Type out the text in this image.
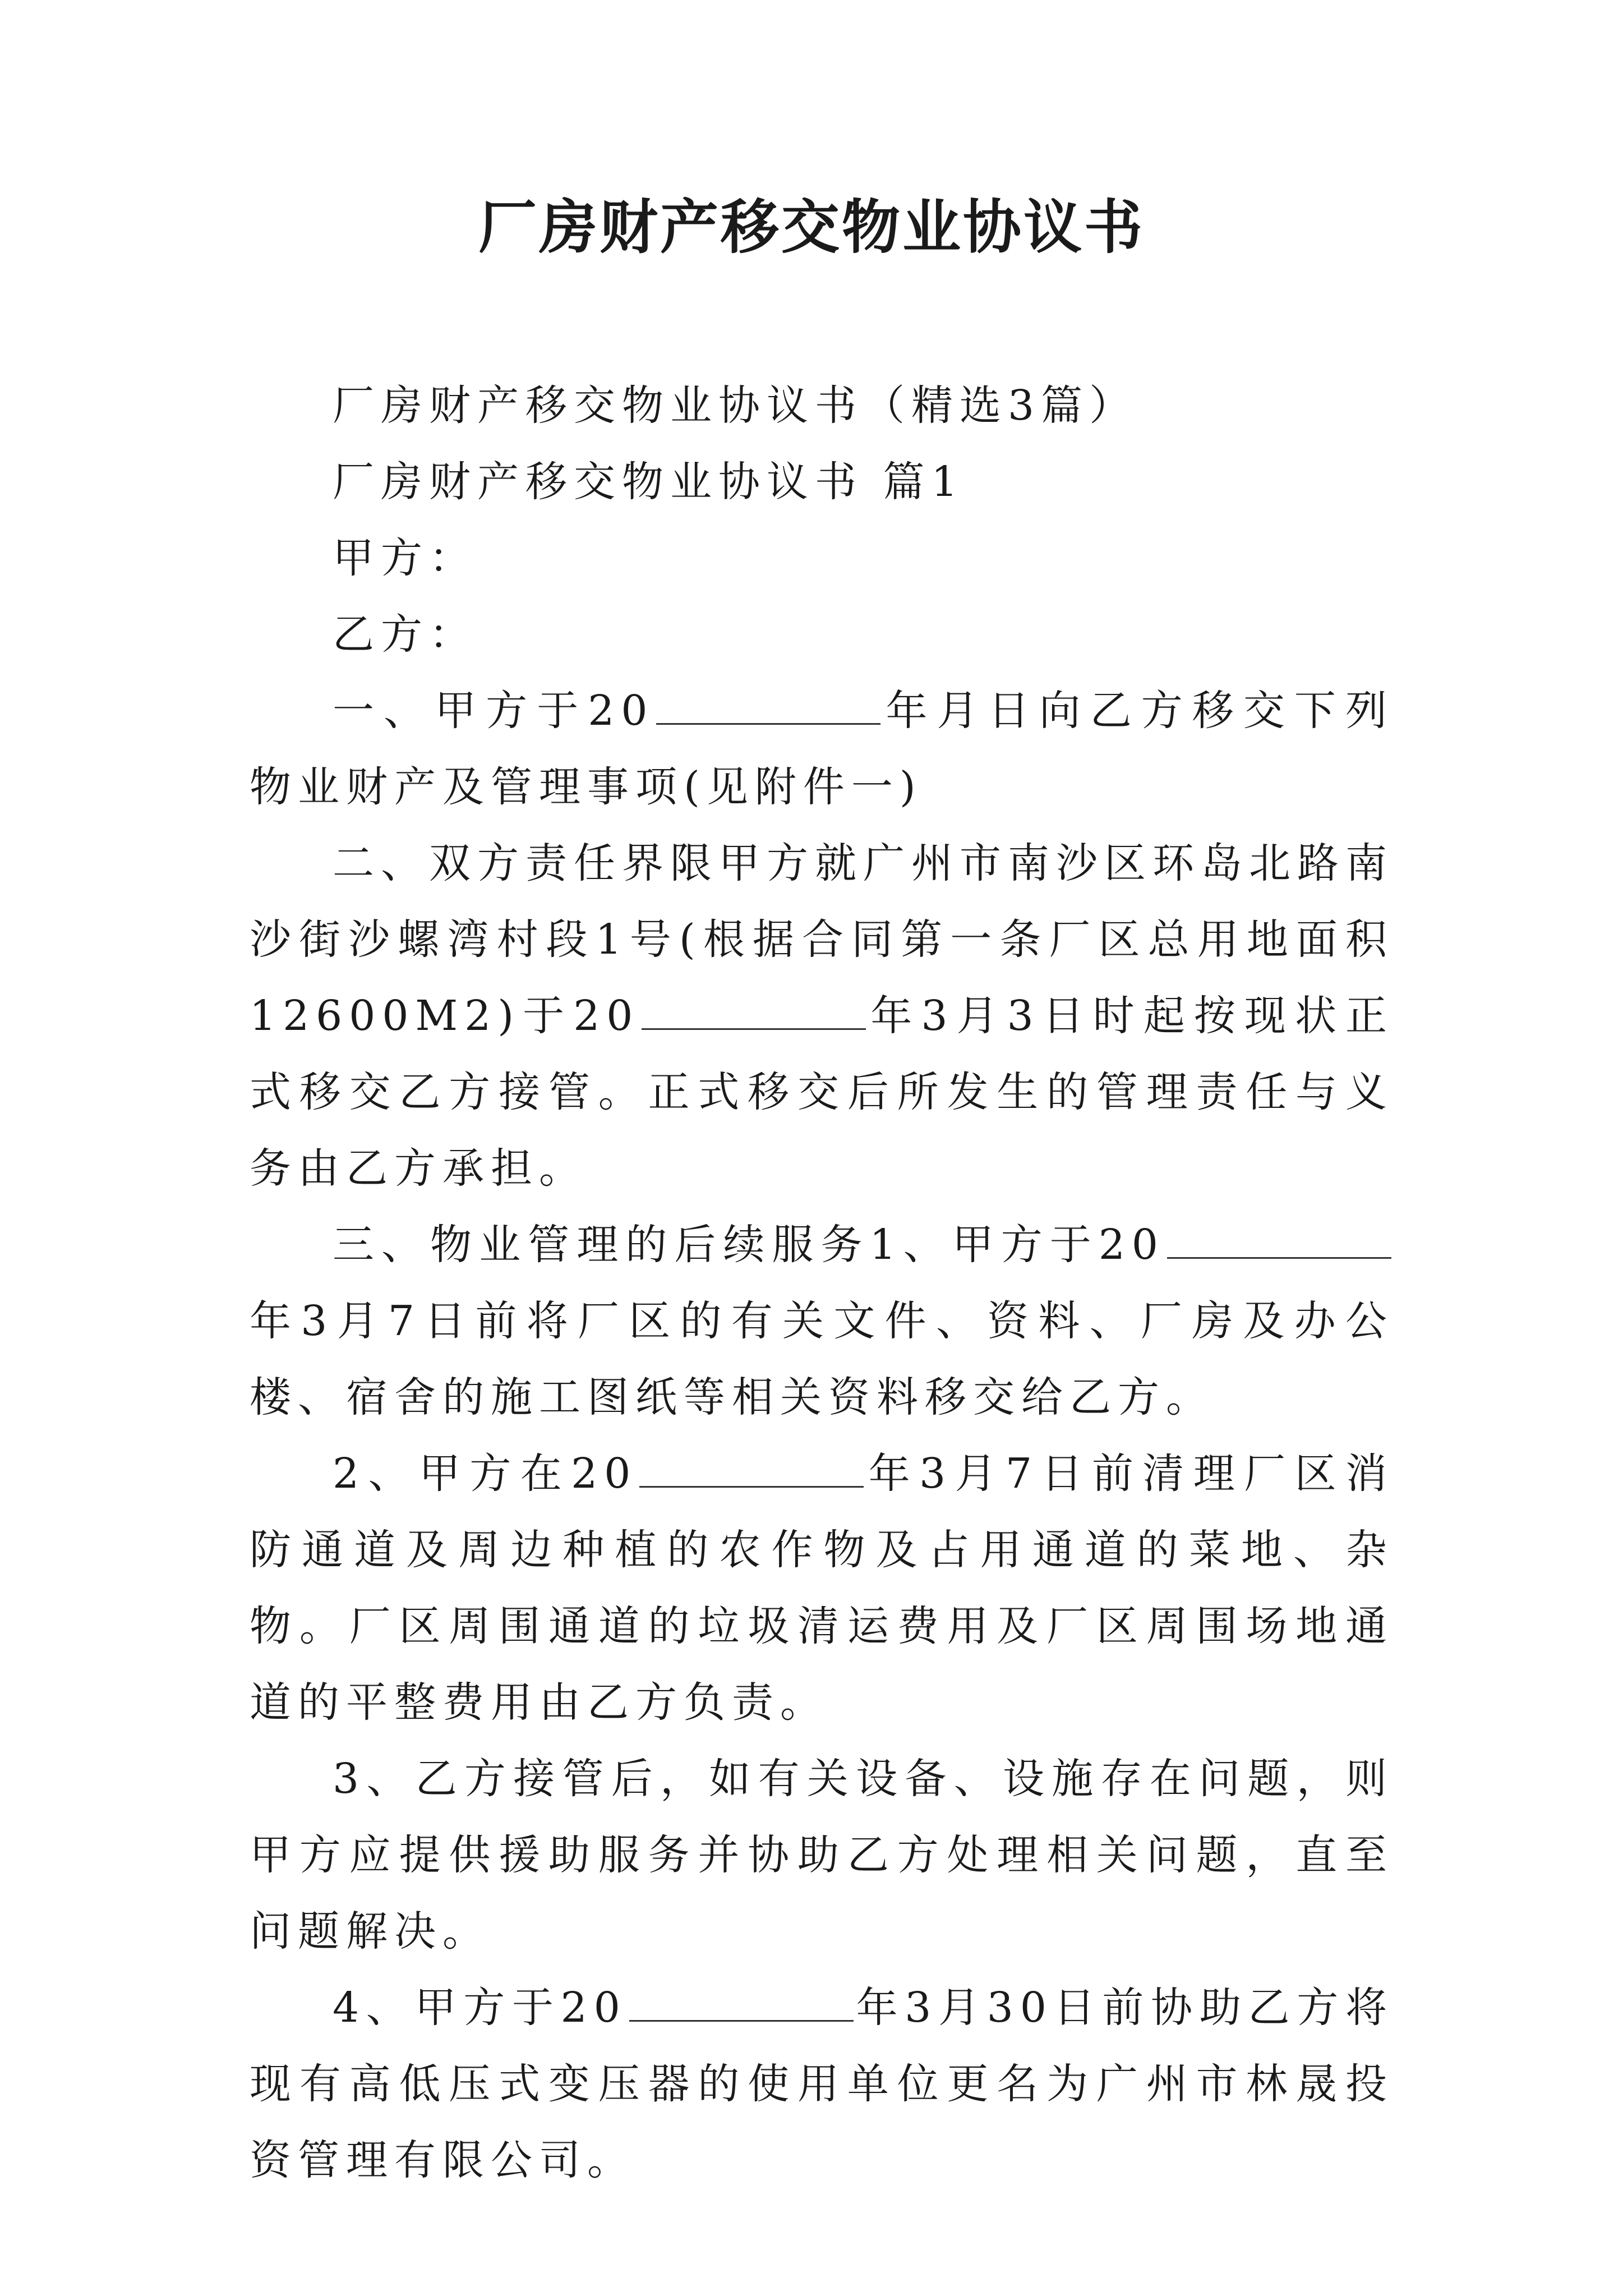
厂房财产移交物业协议书

厂房财产移交物业协议书（精选3篇）

厂房财产移交物业协议书 篇1

甲方：

乙方：

一、甲方于20	年月日向乙方移交下列物业财产及管理事项(见附件一)

二、双方责任界限甲方就广州市南沙区环岛北路南沙街沙螺湾村段1号(根据合同第一条厂区总用地面积12600M2)于20	年3月3日时起按现状正式移交乙方接管。正式移交后所发生的管理责任与义务由乙方承担。

三、物业管理的后续服务1、甲方于20年3月7日前将厂区的有关文件、资料、厂房及办公楼、宿舍的施工图纸等相关资料移交给乙方。

2、甲方在20	年3月7日前清理厂区消防通道及周边种植的农作物及占用通道的菜地、杂物。厂区周围通道的垃圾清运费用及厂区周围场地通道的平整费用由乙方负责。

3、乙方接管后，如有关设备、设施存在问题，则甲方应提供援助服务并协助乙方处理相关问题，直至问题解决。

4、甲方于20	年3月30日前协助乙方将现有高低压式变压器的使用单位更名为广州市林晟投资管理有限公司。
